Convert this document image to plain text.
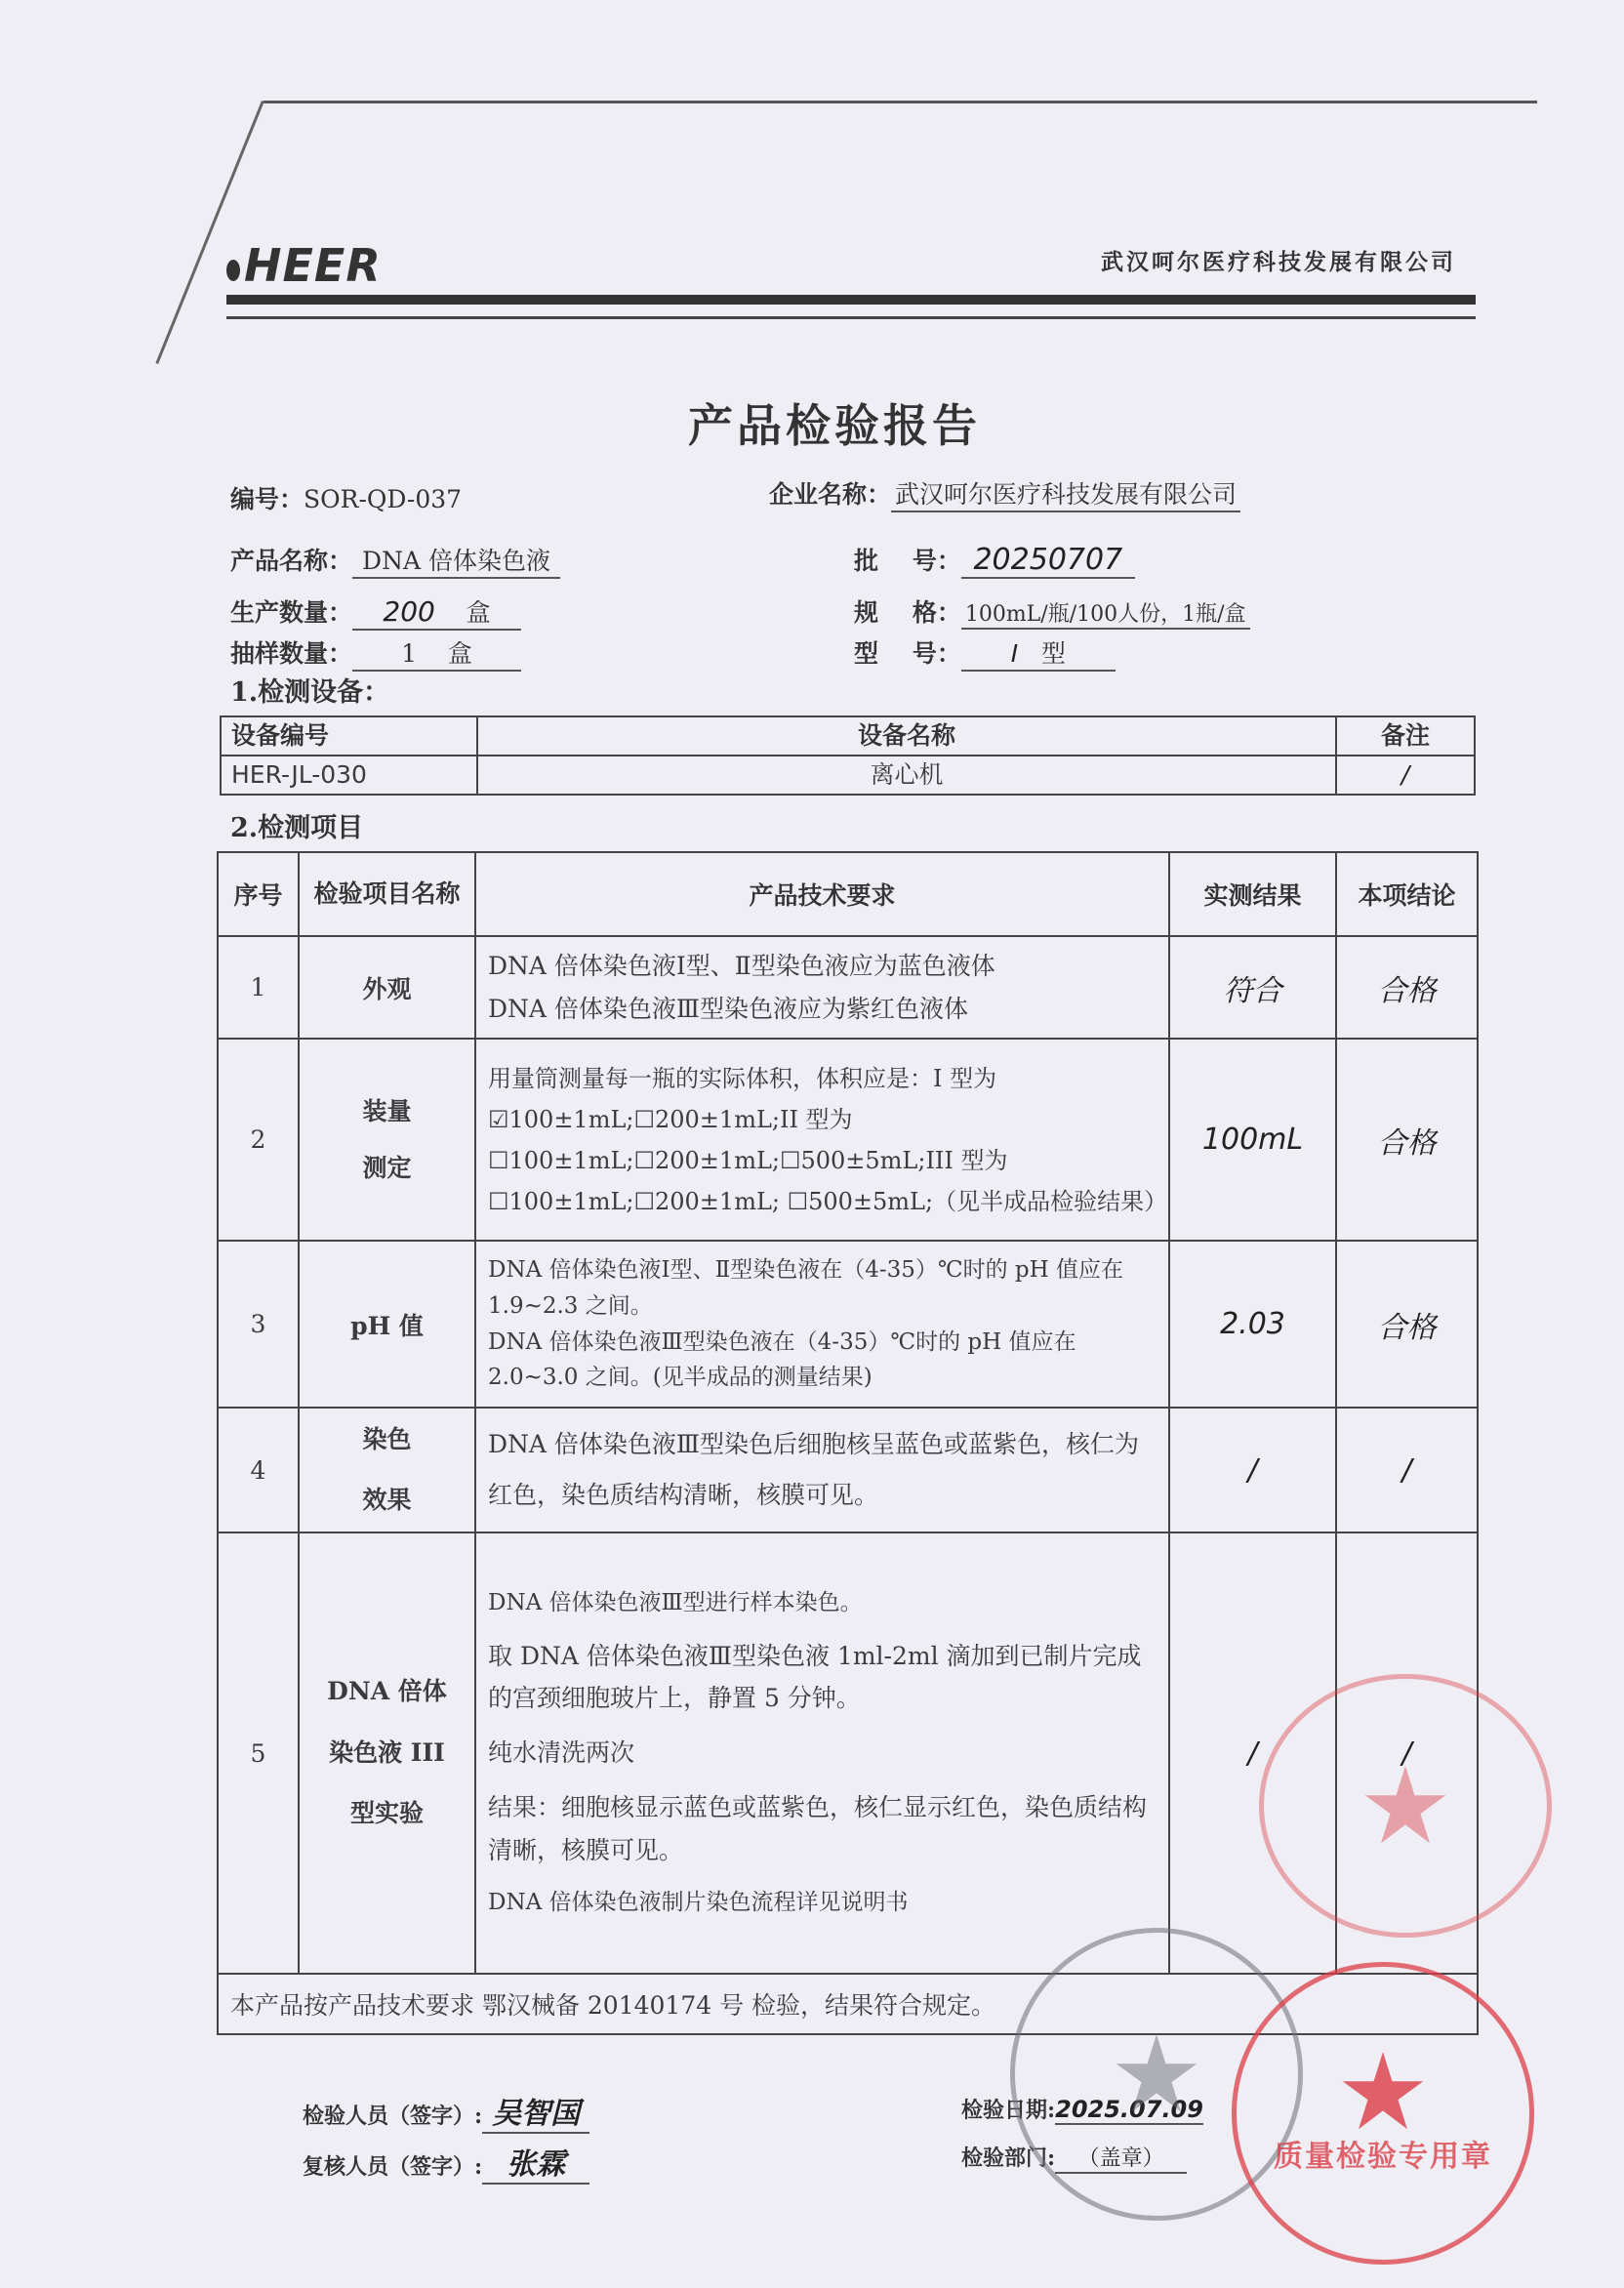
HEER	武汉呵尔医疗科技发展有限公司
产品检验报告
编号：SOR-QD-037	企业名称： 武汉呵尔医疗科技发展有限公司
产品名称： DNA 倍体染色液	批    号： 20250707
生产数量： 200 盒	规    格： 100mL/瓶/100人份，1瓶/盒
抽样数量： 1 盒	型    号： Ⅰ 型
1.检测设备：
设备编号	设备名称	备注
HER-JL-030	离心机	/
2.检测项目
序号	检验项目名称	产品技术要求	实测结果	本项结论
1	外观	DNA 倍体染色液Ⅰ型、Ⅱ型染色液应为蓝色液体
DNA 倍体染色液Ⅲ型染色液应为紫红色液体	符合	合格
2	装量测定	用量筒测量每一瓶的实际体积，体积应是：I 型为☑100±1mL;☐200±1mL;II 型为☐100±1mL;☐200±1mL;☐500±5mL;III 型为☐100±1mL;☐200±1mL; ☐500±5mL;（见半成品检验结果）	100mL	合格
3	pH 值	DNA 倍体染色液Ⅰ型、Ⅱ型染色液在（4-35）℃时的 pH 值应在 1.9~2.3 之间。
DNA 倍体染色液Ⅲ型染色液在（4-35）℃时的 pH 值应在 2.0~3.0 之间。(见半成品的测量结果)	2.03	合格
4	染色效果	DNA 倍体染色液Ⅲ型染色后细胞核呈蓝色或蓝紫色，核仁为红色，染色质结构清晰，核膜可见。	/	/
5	DNA 倍体染色液 III 型实验	DNA 倍体染色液Ⅲ型进行样本染色。
取 DNA 倍体染色液Ⅲ型染色液 1ml-2ml 滴加到已制片完成的宫颈细胞玻片上，静置 5 分钟。
纯水清洗两次
结果：细胞核显示蓝色或蓝紫色，核仁显示红色，染色质结构清晰，核膜可见。
DNA 倍体染色液制片染色流程详见说明书	/	/
本产品按产品技术要求 鄂汉械备 20140174 号 检验，结果符合规定。				
检验人员（签字）: 吴智国
复核人员（签字）: 张霖
检验日期:2025.07.09
检验部门: （盖章）	质量检验专用章
